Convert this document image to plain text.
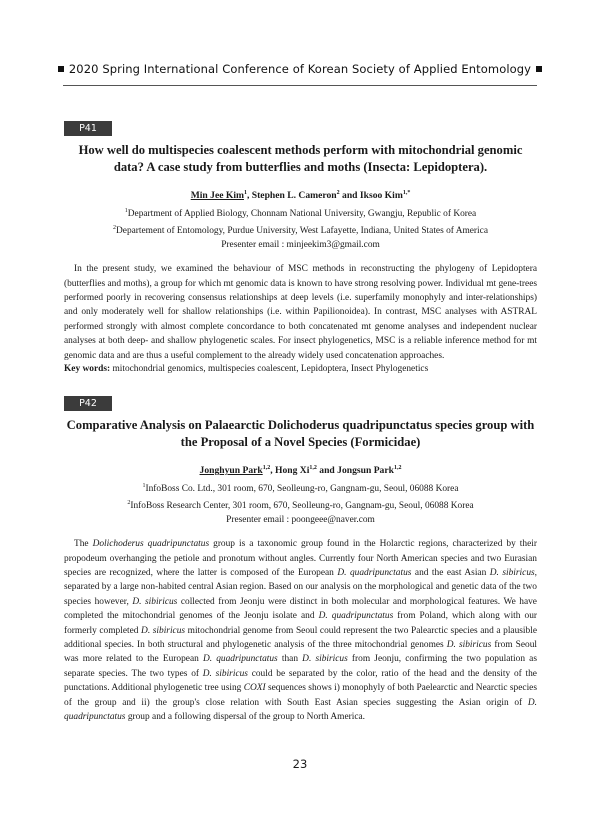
2020 Spring International Conference of Korean Society of Applied Entomology
P41
How well do multispecies coalescent methods perform with mitochondrial genomic data? A case study from butterflies and moths (Insecta: Lepidoptera).
Min Jee Kim$^1$, Stephen L. Cameron$^2$ and Iksoo Kim$^{1,*}$
$^1$Department of Applied Biology, Chonnam National University, Gwangju, Republic of Korea
$^2$Departement of Entomology, Purdue University, West Lafayette, Indiana, United States of America
Presenter email : minjeekim3@gmail.com
In the present study, we examined the behaviour of MSC methods in reconstructing the phylogeny of Lepidoptera (butterflies and moths), a group for which mt genomic data is known to have strong resolving power. Individual mt gene-trees performed poorly in recovering consensus relationships at deep levels (i.e. superfamily monophyly and inter-relationships) and only moderately well for shallow relationships (i.e. within Papilionoidea). In contrast, MSC analyses with ASTRAL performed strongly with almost complete concordance to both concatenated mt genome analyses and independent nuclear analyses at both deep- and shallow phylogenetic scales. For insect phylogenetics, MSC is a reliable inference method for mt genomic data and are thus a useful complement to the already widely used concatenation approaches.
Key words: mitochondrial genomics, multispecies coalescent, Lepidoptera, Insect Phylogenetics
P42
Comparative Analysis on Palaearctic Dolichoderus quadripunctatus species group with the Proposal of a Novel Species (Formicidae)
Jonghyun Park$^{1,2}$, Hong Xi$^{1,2}$ and Jongsun Park$^{1,2}$
$^1$InfoBoss Co. Ltd., 301 room, 670, Seolleung-ro, Gangnam-gu, Seoul, 06088 Korea
$^2$InfoBoss Research Center, 301 room, 670, Seolleung-ro, Gangnam-gu, Seoul, 06088 Korea
Presenter email : poongeee@naver.com
The Dolichoderus quadripunctatus group is a taxonomic group found in the Holarctic regions, characterized by their propodeum overhanging the petiole and pronotum without angles. Currently four North American species and two Eurasian species are recognized, where the latter is composed of the European D. quadripunctatus and the east Asian D. sibiricus, separated by a large non-habited central Asian region. Based on our analysis on the morphological and genetic data of the two species however, D. sibiricus collected from Jeonju were distinct in both molecular and morphological features. We have completed the mitochondrial genomes of the Jeonju isolate and D. quadripunctatus from Poland, which along with our formerly completed D. sibiricus mitochondrial genome from Seoul could represent the two Palearctic species and a plausible additional species. In both structural and phylogenetic analysis of the three mitochondrial genomes D. sibiricus from Seoul was more related to the European D. quadripunctatus than D. sibiricus from Jeonju, confirming the two population as separate species. The two types of D. sibiricus could be separated by the color, ratio of the head and the density of the punctations. Additional phylogenetic tree using COXI sequences shows i) monophyly of both Paelearctic and Nearctic species of the group and ii) the group's close relation with South East Asian species suggesting the Asian origin of D. quadripunctatus group and a following dispersal of the group to North America.
23
